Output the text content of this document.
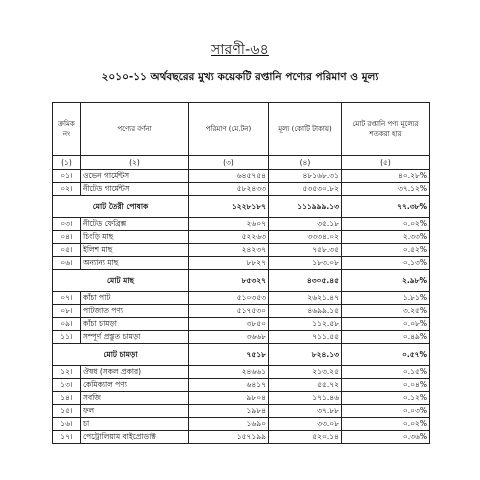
সারণী-৬৪
২০১০-১১ অর্থবছরের মুখ্য কয়েকটি রপ্তানি পণ্যের পরিমাণ ও মূল্য
ক্রমিক নং	পণ্যের বর্ণনা	পরিমাণ (মে.টন)	মূল্য (কোটি টাকায়)	মোট রপ্তানি পণ্য মূল্যের শতকরা হার
(১)	(২)	(৩)	(৪)	(৫)
০১।	ওভেন গার্মেন্টস	৬৪৫৭৫৪	৪৮১৬৮.৩১	৪০.২৮%
০২।	নীটেড গার্মেন্টস	৫৮২৪৩৩	৫৩৫৩০.৮২	৩৭.১২%
মোট তৈরী পোষাক		১২২৮১৮৭	১১১৯৯৯.১৩	৭৭.৩৮%
০৩।	নীটেড ফেব্রিক্স	২৬০৭	৩৫.১৮	০.০২%
০৪।	চিংড়ি মাছ	৫২২৬৩	৩৩৩৪.০২	২.৩৩%
০৫।	ইলিশ মাছ	২৪২৩৭	৭৫৮.৩৫	০.৫২%
০৬।	অন্যান্য মাছ	৮৮২৭	১৮৩.০৮	০.১৩%
মোট মাছ		৮৫৩২৭	৪৩০৫.৪৫	২.৯৮%
০৭।	কাঁচা পাট	৫১০৩৫৩	২৬২১.৪৭	১.৮১%
০৮।	পাটজাত পণ্য	৫১৭৫৩০	৪৬৯৯.১৫	৩.২৫%
০৯।	কাঁচা চামড়া	৩৮৫০	১১২.৫৮	০.০৮%
১১।	সম্পূর্ণ প্রস্তুত চামড়া	৩৬৬৮	৭১১.৫৫	০.৪৯%
মোট চামড়া		৭৫১৮	৮২৪.১৩	০.৫৭%
১২।	ঔষধ (সকল প্রকার)	২৪৬৬১	২১৩.২৫	০.১৫%
১৩।	কেমিক্যাল পণ্য	৬৪১৭	৫৫.৭২	০.০৪%
১৪।	সবজি	৯৮০৪	১৭১.৪৬	০.১২%
১৫।	ফল	১৯৮৪	৩৭.৮৮	০.০৩%
১৬।	চা	১৬৯০	৩৩.০৮	০.০২%
১৭।	পেট্রোলিয়াম বাইপ্রোডাক্ট	১৫৭১৯৯	৫২০.১৪	০.৩৬%
